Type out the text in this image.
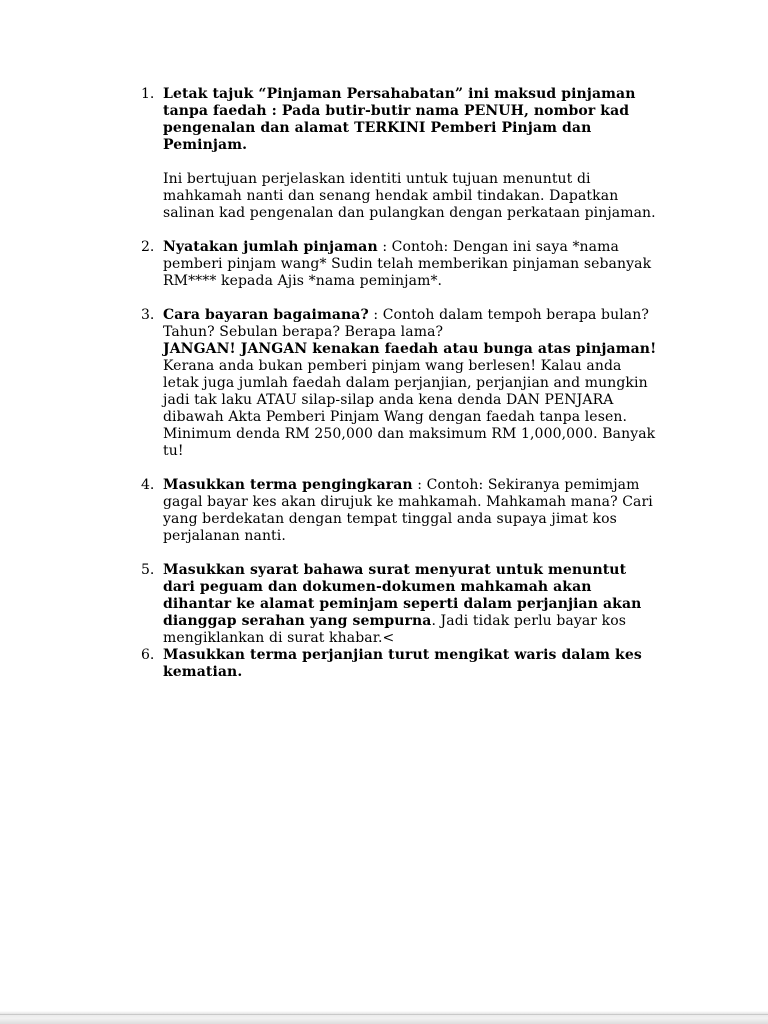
1. Letak tajuk “Pinjaman Persahabatan” ini maksud pinjaman tanpa faedah : Pada butir-butir nama PENUH, nombor kad pengenalan dan alamat TERKINI Pemberi Pinjam dan Peminjam.

Ini bertujuan perjelaskan identiti untuk tujuan menuntut di mahkamah nanti dan senang hendak ambil tindakan. Dapatkan salinan kad pengenalan dan pulangkan dengan perkataan pinjaman.

2. Nyatakan jumlah pinjaman : Contoh: Dengan ini saya *nama pemberi pinjam wang* Sudin telah memberikan pinjaman sebanyak RM**** kepada Ajis *nama peminjam*.

3. Cara bayaran bagaimana? : Contoh dalam tempoh berapa bulan? Tahun? Sebulan berapa? Berapa lama?

JANGAN! JANGAN kenakan faedah atau bunga atas pinjaman! Kerana anda bukan pemberi pinjam wang berlesen! Kalau anda letak juga jumlah faedah dalam perjanjian, perjanjian and mungkin jadi tak laku ATAU silap-silap anda kena denda DAN PENJARA dibawah Akta Pemberi Pinjam Wang dengan faedah tanpa lesen. Minimum denda RM 250,000 dan maksimum RM 1,000,000. Banyak tu!

4. Masukkan terma pengingkaran : Contoh: Sekiranya pemimjam gagal bayar kes akan dirujuk ke mahkamah. Mahkamah mana? Cari yang berdekatan dengan tempat tinggal anda supaya jimat kos perjalanan nanti.

5. Masukkan syarat bahawa surat menyurat untuk menuntut dari peguam dan dokumen-dokumen mahkamah akan dihantar ke alamat peminjam seperti dalam perjanjian akan dianggap serahan yang sempurna. Jadi tidak perlu bayar kos mengiklankan di surat khabar.<

6. Masukkan terma perjanjian turut mengikat waris dalam kes kematian.
